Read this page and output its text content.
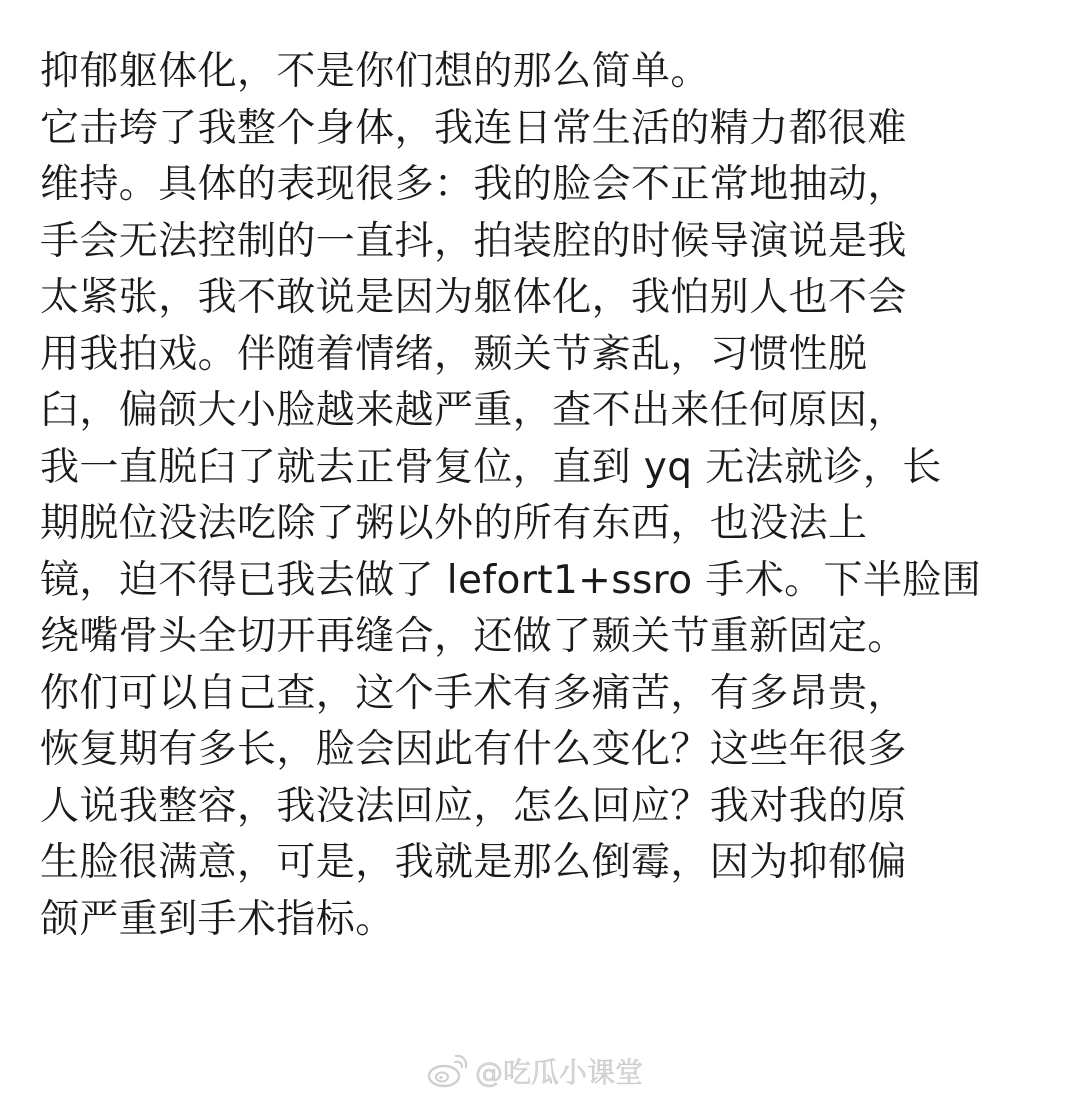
抑郁躯体化，不是你们想的那么简单。
它击垮了我整个身体，我连日常生活的精力都很难
维持。具体的表现很多：我的脸会不正常地抽动，
手会无法控制的一直抖，拍装腔的时候导演说是我
太紧张，我不敢说是因为躯体化，我怕别人也不会
用我拍戏。伴随着情绪，颞关节紊乱，习惯性脱
臼，偏颌大小脸越来越严重，查不出来任何原因，
我一直脱臼了就去正骨复位，直到 yq 无法就诊，长
期脱位没法吃除了粥以外的所有东西，也没法上
镜，迫不得已我去做了 lefort1+ssro 手术。下半脸围
绕嘴骨头全切开再缝合，还做了颞关节重新固定。
你们可以自己查，这个手术有多痛苦，有多昂贵，
恢复期有多长，脸会因此有什么变化？这些年很多
人说我整容，我没法回应，怎么回应？我对我的原
生脸很满意，可是，我就是那么倒霉，因为抑郁偏
颌严重到手术指标。
@吃瓜小课堂
